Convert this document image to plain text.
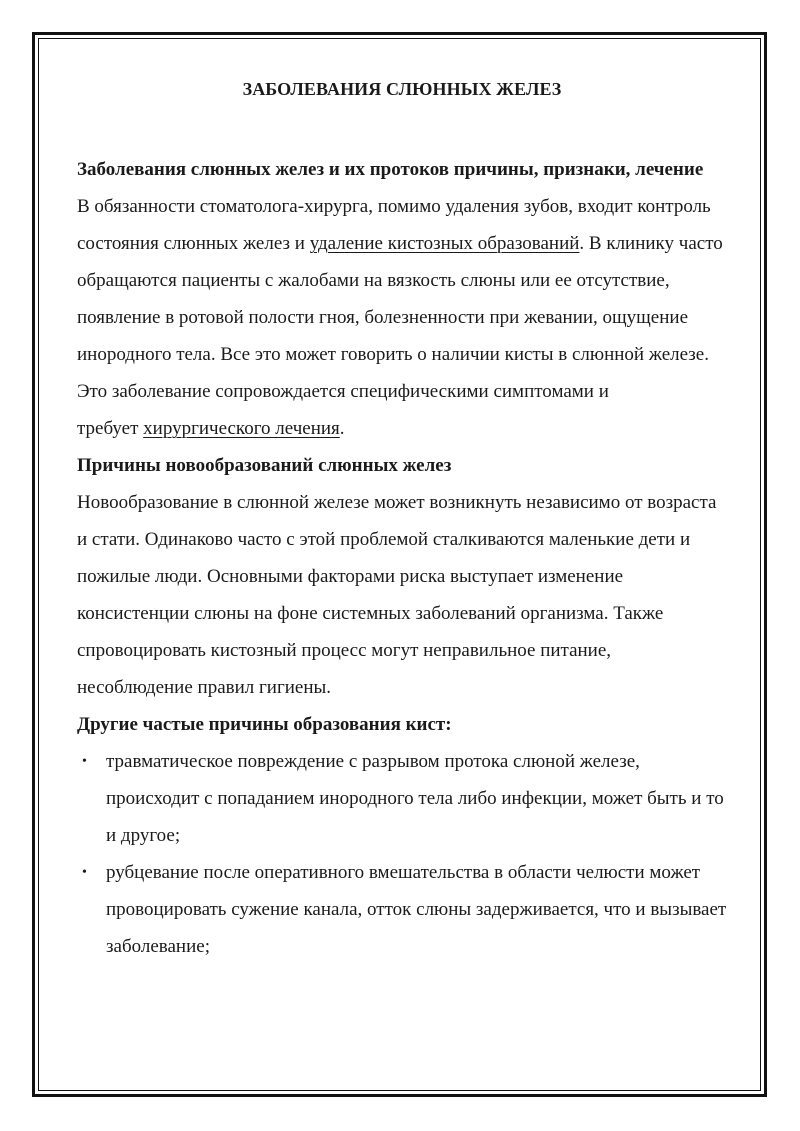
ЗАБОЛЕВАНИЯ СЛЮННЫХ ЖЕЛЕЗ

Заболевания слюнных желез и их протоков причины, признаки, лечение

В обязанности стоматолога-хирурга, помимо удаления зубов, входит контроль состояния слюнных желез и удаление кистозных образований. В клинику часто обращаются пациенты с жалобами на вязкость слюны или ее отсутствие, появление в ротовой полости гноя, болезненности при жевании, ощущение инородного тела. Все это может говорить о наличии кисты в слюнной железе. Это заболевание сопровождается специфическими симптомами и
требует хирургического лечения.

Причины новообразований слюнных желез

Новообразование в слюнной железе может возникнуть независимо от возраста и стати. Одинаково часто с этой проблемой сталкиваются маленькие дети и пожилые люди. Основными факторами риска выступает изменение консистенции слюны на фоне системных заболеваний организма. Также спровоцировать кистозный процесс могут неправильное питание, несоблюдение правил гигиены.

Другие частые причины образования кист:

• травматическое повреждение с разрывом протока слюной железе, происходит с попаданием инородного тела либо инфекции, может быть и то и другое;
• рубцевание после оперативного вмешательства в области челюсти может провоцировать сужение канала, отток слюны задерживается, что и вызывает заболевание;
